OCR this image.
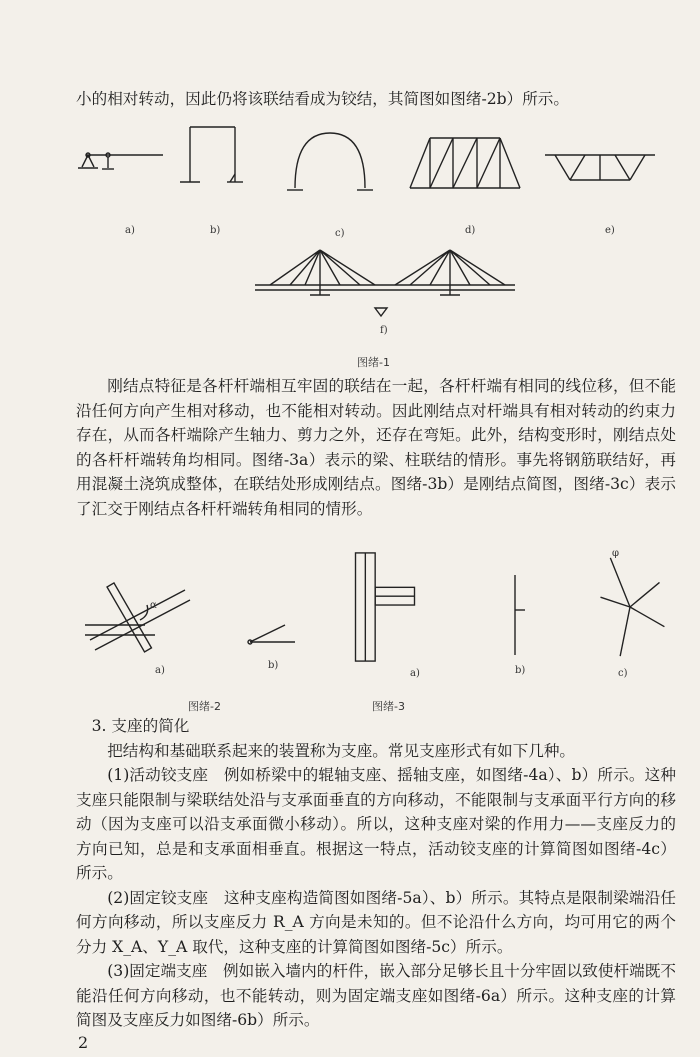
小的相对转动，因此仍将该联结看成为铰结，其简图如图绪-2b）所示。
a)	b)	c)	d)	e)
f)
图绪-1

刚结点特征是各杆杆端相互牢固的联结在一起，各杆杆端有相同的线位移，但不能沿任何方向产生相对移动，也不能相对转动。因此刚结点对杆端具有相对转动的约束力存在，从而各杆端除产生轴力、剪力之外，还存在弯矩。此外，结构变形时，刚结点处的各杆杆端转角均相同。图绪-3a）表示的梁、柱联结的情形。事先将钢筋联结好，再用混凝土浇筑成整体，在联结处形成刚结点。图绪-3b）是刚结点简图，图绪-3c）表示了汇交于刚结点各杆杆端转角相同的情形。

α
a)	b)
图绪-2
a)	b)
φ
c)
图绪-3

3. 支座的简化

把结构和基础联系起来的装置称为支座。常见支座形式有如下几种。

(1)活动铰支座　例如桥梁中的辊轴支座、摇轴支座，如图绪-4a）、b）所示。这种支座只能限制与梁联结处沿与支承面垂直的方向移动，不能限制与支承面平行方向的移动（因为支座可以沿支承面微小移动）。所以，这种支座对梁的作用力——支座反力的方向已知，总是和支承面相垂直。根据这一特点，活动铰支座的计算简图如图绪-4c）所示。

(2)固定铰支座　这种支座构造简图如图绪-5a）、b）所示。其特点是限制梁端沿任何方向移动，所以支座反力 R_A 方向是未知的。但不论沿什么方向，均可用它的两个分力 X_A、Y_A 取代，这种支座的计算简图如图绪-5c）所示。

(3)固定端支座　例如嵌入墙内的杆件，嵌入部分足够长且十分牢固以致使杆端既不能沿任何方向移动，也不能转动，则为固定端支座如图绪-6a）所示。这种支座的计算简图及支座反力如图绪-6b）所示。

2
